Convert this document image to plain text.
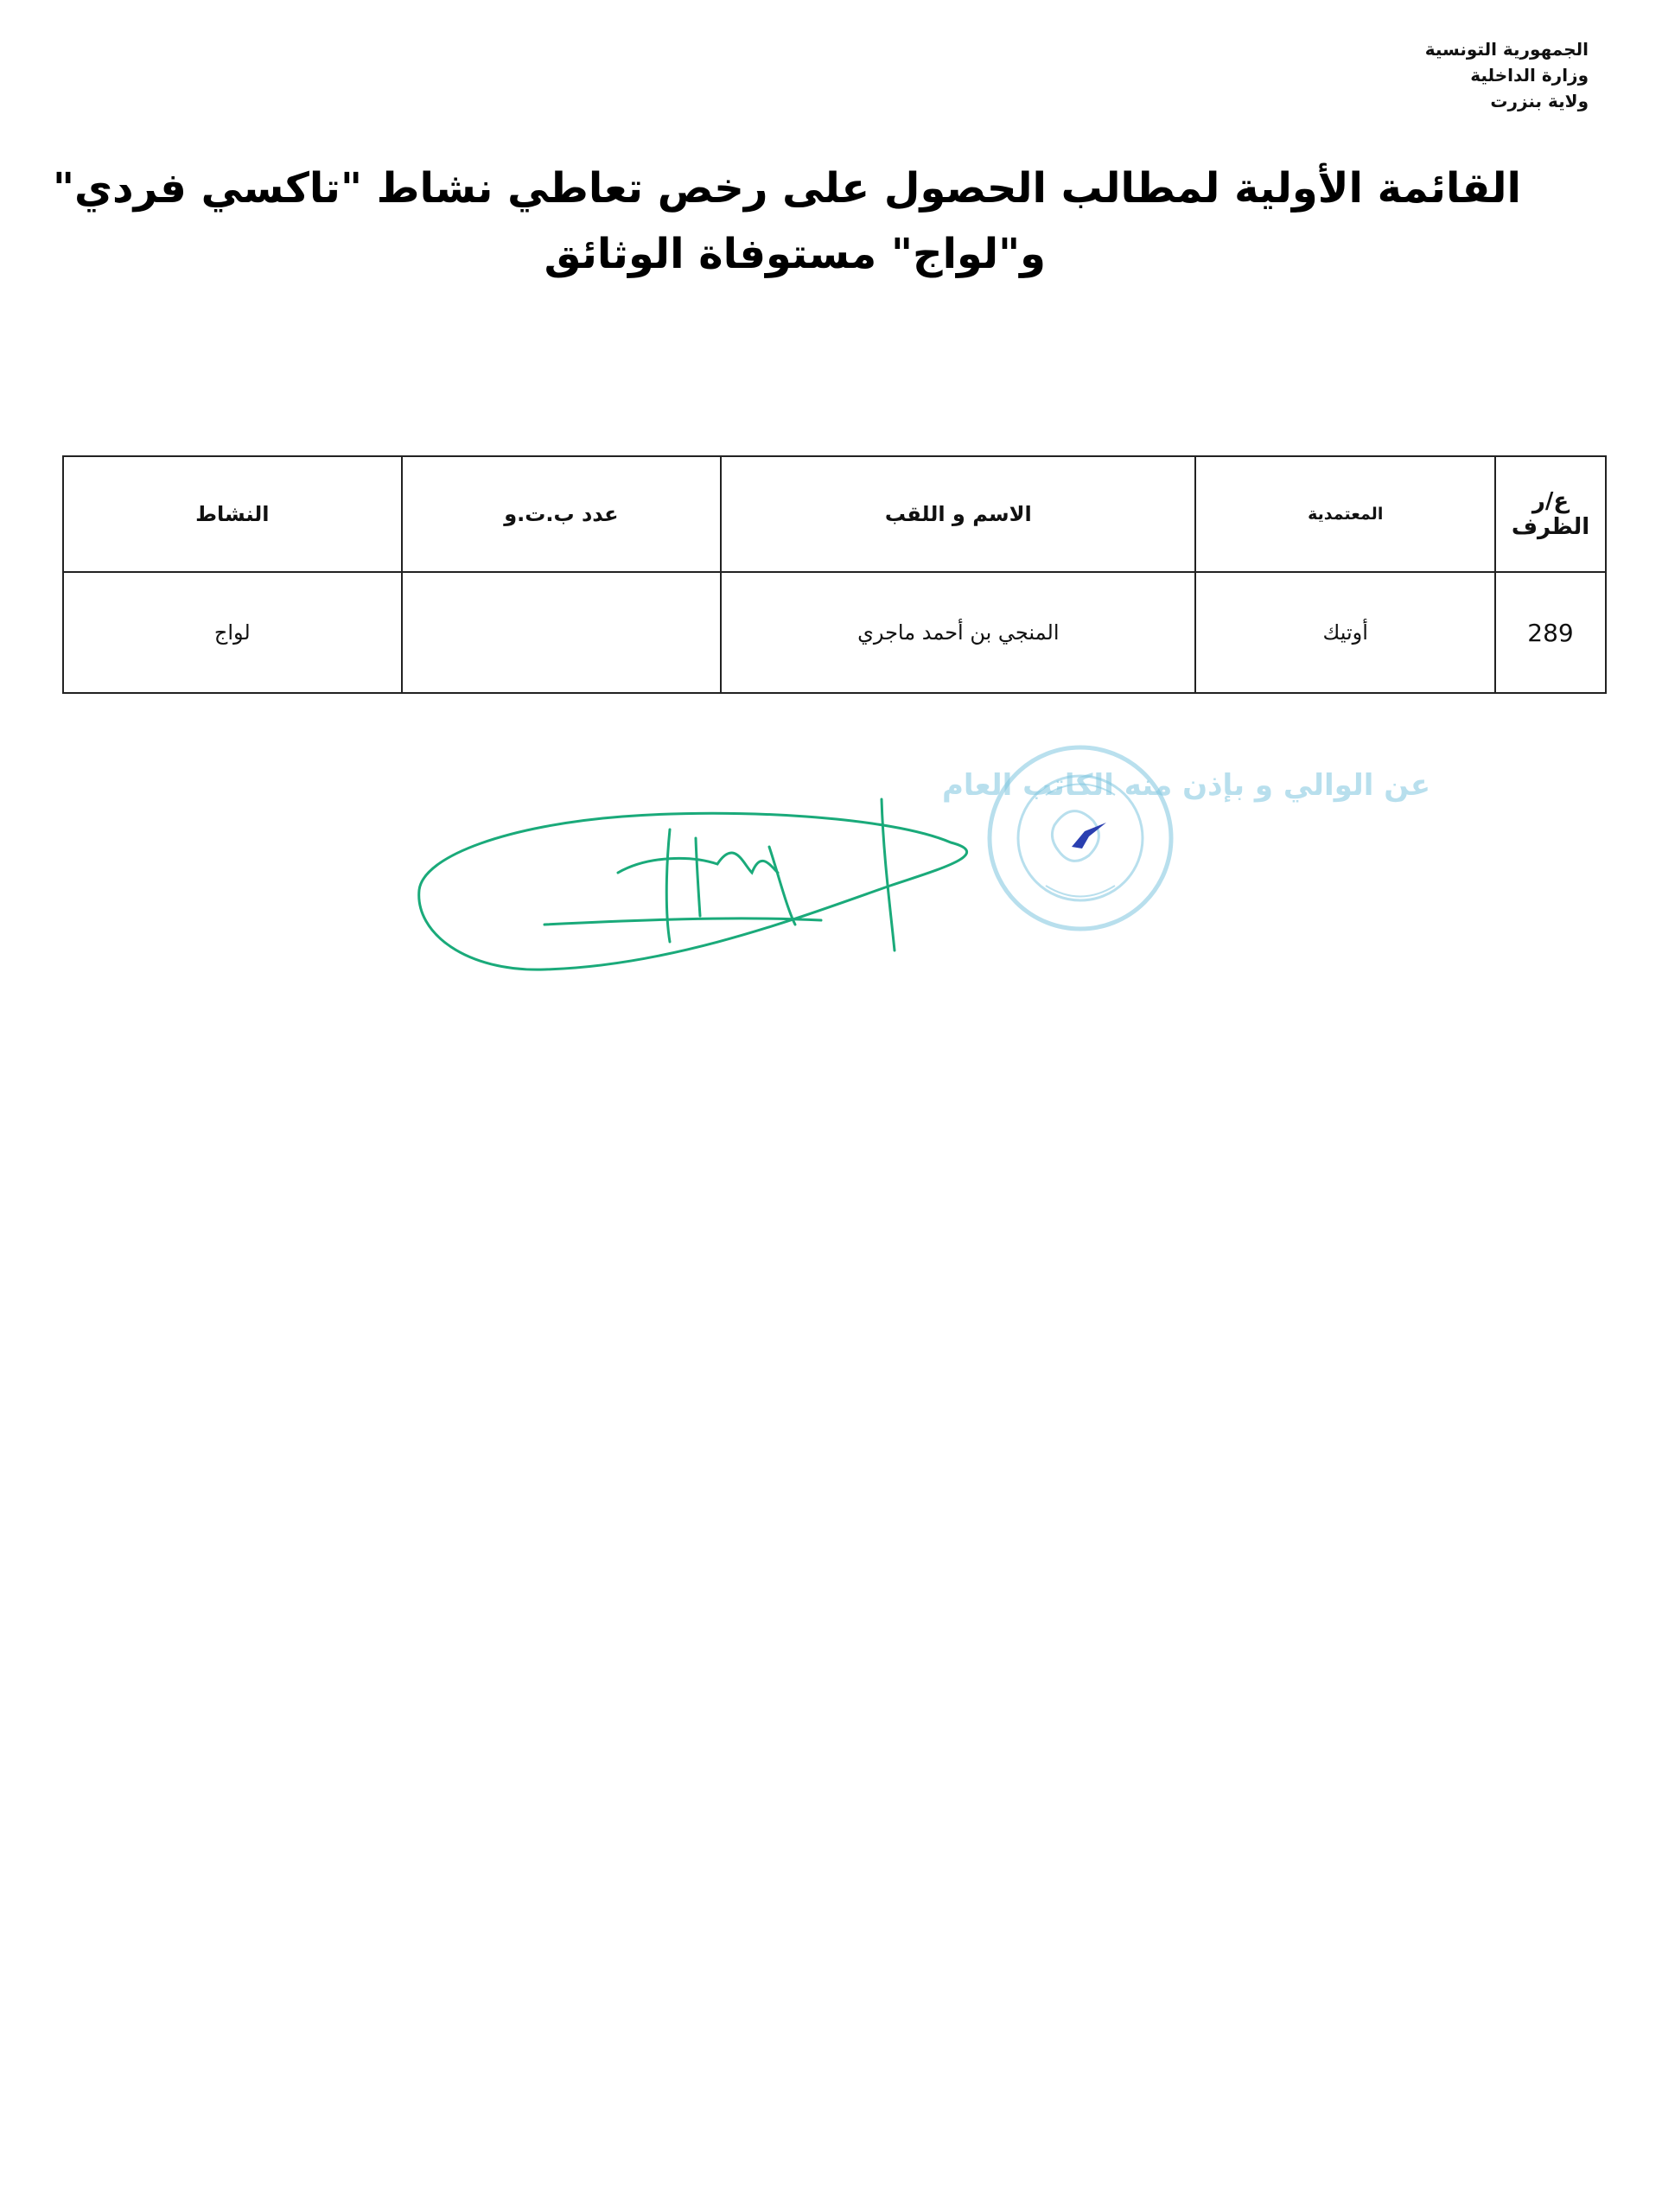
الجمهورية التونسية
وزارة الداخلية
ولاية بنزرت
القائمة الأولية لمطالب الحصول على رخص تعاطي نشاط "تاكسي فردي"
و"لواج" مستوفاة الوثائق
ع/ر الظرف	المعتمدية	الاسم و اللقب	عدد ب.ت.و	النشاط
289	أوتيك	المنجي بن أحمد ماجري		لواج
عن الوالي و بإذن منه الكاتب العام
